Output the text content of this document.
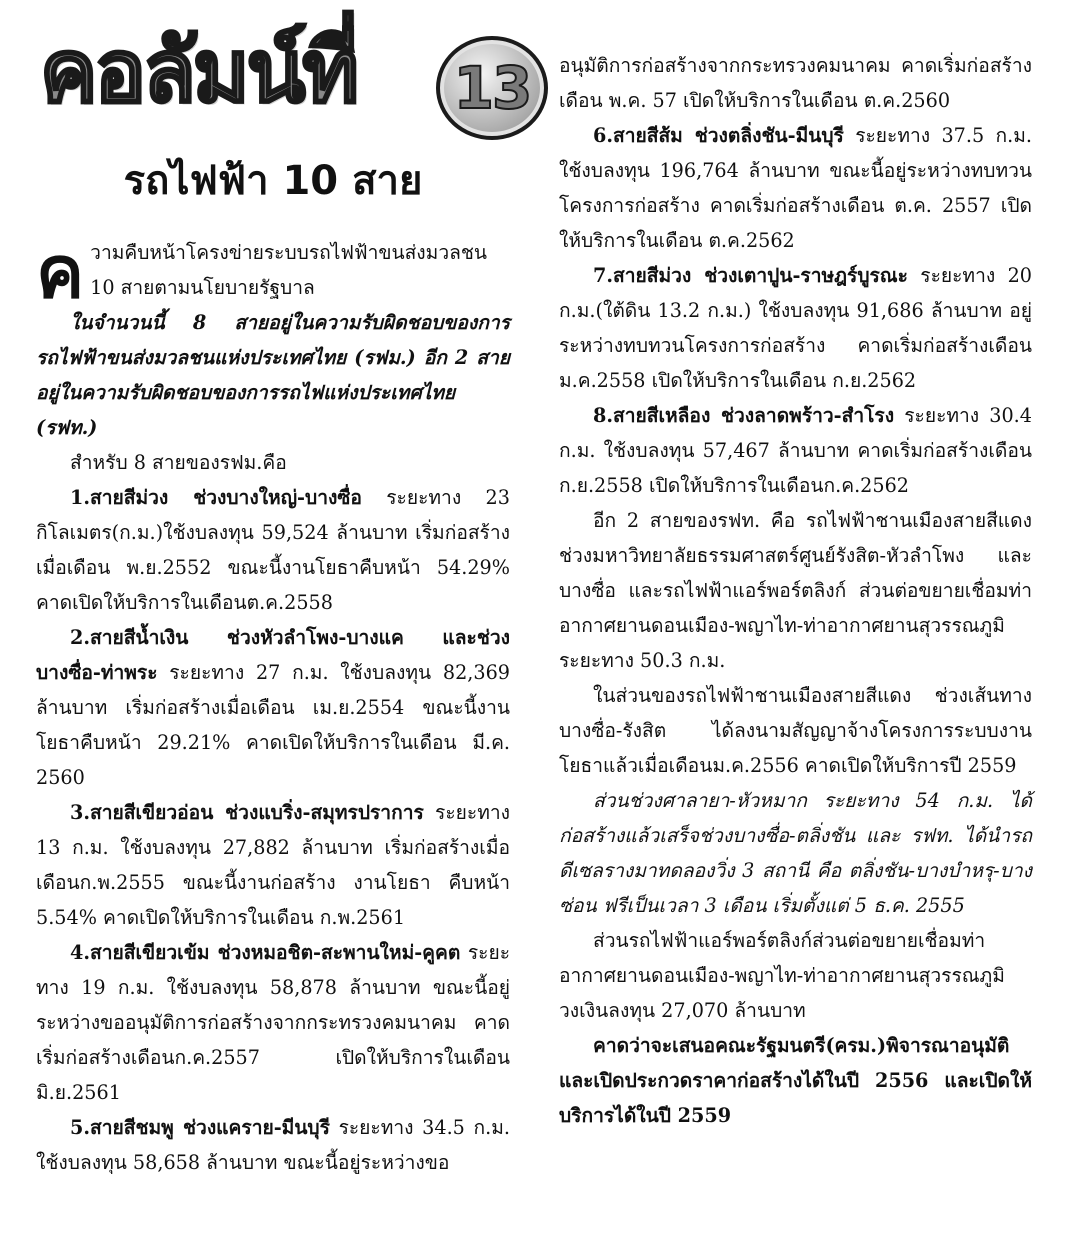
คอลัมน์ที่ 13
รถไฟฟ้า 10 สาย

ความคืบหน้าโครงข่ายระบบรถไฟฟ้าขนส่งมวลชน 10 สายตามนโยบายรัฐบาล

ในจำนวนนี้ 8 สายอยู่ในความรับผิดชอบของการรถไฟฟ้าขนส่งมวลชนแห่งประเทศไทย (รฟม.) อีก 2 สาย อยู่ในความรับผิดชอบของการรถไฟแห่งประเทศไทย (รฟท.)

สำหรับ 8 สายของรฟม.คือ

1.สายสีม่วง ช่วงบางใหญ่-บางซื่อ ระยะทาง 23 กิโลเมตร(ก.ม.)ใช้งบลงทุน 59,524 ล้านบาท เริ่มก่อสร้างเมื่อเดือน พ.ย.2552 ขณะนี้งานโยธาคืบหน้า 54.29% คาดเปิดให้บริการในเดือนต.ค.2558

2.สายสีน้ำเงิน ช่วงหัวลำโพง-บางแค และช่วงบางซื่อ-ท่าพระ ระยะทาง 27 ก.ม. ใช้งบลงทุน 82,369 ล้านบาท เริ่มก่อสร้างเมื่อเดือน เม.ย.2554 ขณะนี้งานโยธาคืบหน้า 29.21% คาดเปิดให้บริการในเดือน มี.ค. 2560

3.สายสีเขียวอ่อน ช่วงแบริ่ง-สมุทรปราการ ระยะทาง 13 ก.ม. ใช้งบลงทุน 27,882 ล้านบาท เริ่มก่อสร้างเมื่อเดือนก.พ.2555 ขณะนี้งานก่อสร้าง งานโยธา คืบหน้า 5.54% คาดเปิดให้บริการในเดือน ก.พ.2561

4.สายสีเขียวเข้ม ช่วงหมอชิต-สะพานใหม่-คูคต ระยะทาง 19 ก.ม. ใช้งบลงทุน 58,878 ล้านบาท ขณะนี้อยู่ระหว่างขออนุมัติการก่อสร้างจากกระทรวงคมนาคม คาดเริ่มก่อสร้างเดือนก.ค.2557 เปิดให้บริการในเดือน มิ.ย.2561

5.สายสีชมพู ช่วงแคราย-มีนบุรี ระยะทาง 34.5 ก.ม. ใช้งบลงทุน 58,658 ล้านบาท ขณะนี้อยู่ระหว่างขอ

อนุมัติการก่อสร้างจากกระทรวงคมนาคม คาดเริ่มก่อสร้างเดือน พ.ค. 57 เปิดให้บริการในเดือน ต.ค.2560

6.สายสีส้ม ช่วงตลิ่งชัน-มีนบุรี ระยะทาง 37.5 ก.ม. ใช้งบลงทุน 196,764 ล้านบาท ขณะนี้อยู่ระหว่างทบทวนโครงการก่อสร้าง คาดเริ่มก่อสร้างเดือน ต.ค. 2557 เปิดให้บริการในเดือน ต.ค.2562

7.สายสีม่วง ช่วงเตาปูน-ราษฎร์บูรณะ ระยะทาง 20 ก.ม.(ใต้ดิน 13.2 ก.ม.) ใช้งบลงทุน 91,686 ล้านบาท อยู่ระหว่างทบทวนโครงการก่อสร้าง คาดเริ่มก่อสร้างเดือนม.ค.2558 เปิดให้บริการในเดือน ก.ย.2562

8.สายสีเหลือง ช่วงลาดพร้าว-สำโรง ระยะทาง 30.4 ก.ม. ใช้งบลงทุน 57,467 ล้านบาท คาดเริ่มก่อสร้างเดือน ก.ย.2558 เปิดให้บริการในเดือนก.ค.2562

อีก 2 สายของรฟท. คือ รถไฟฟ้าชานเมืองสายสีแดง ช่วงมหาวิทยาลัยธรรมศาสตร์ศูนย์รังสิต-หัวลำโพง และบางซื่อ และรถไฟฟ้าแอร์พอร์ตลิงก์ ส่วนต่อขยายเชื่อมท่าอากาศยานดอนเมือง-พญาไท-ท่าอากาศยานสุวรรณภูมิ ระยะทาง 50.3 ก.ม.

ในส่วนของรถไฟฟ้าชานเมืองสายสีแดง ช่วงเส้นทาง บางซื่อ-รังสิต ได้ลงนามสัญญาจ้างโครงการระบบงาน โยธาแล้วเมื่อเดือนม.ค.2556 คาดเปิดให้บริการปี 2559

ส่วนช่วงศาลายา-หัวหมาก ระยะทาง 54 ก.ม. ได้ก่อสร้างแล้วเสร็จช่วงบางซื่อ-ตลิ่งชัน และ รฟท. ได้นำรถดีเซลรางมาทดลองวิ่ง 3 สถานี คือ ตลิ่งชัน-บางบำหรุ-บางซ่อน ฟรีเป็นเวลา 3 เดือน เริ่มตั้งแต่ 5 ธ.ค. 2555

ส่วนรถไฟฟ้าแอร์พอร์ตลิงก์ส่วนต่อขยายเชื่อมท่าอากาศยานดอนเมือง-พญาไท-ท่าอากาศยานสุวรรณภูมิ วงเงินลงทุน 27,070 ล้านบาท

คาดว่าจะเสนอคณะรัฐมนตรี(ครม.)พิจารณาอนุมัติและเปิดประกวดราคาก่อสร้างได้ในปี 2556 และเปิดให้บริการได้ในปี 2559
